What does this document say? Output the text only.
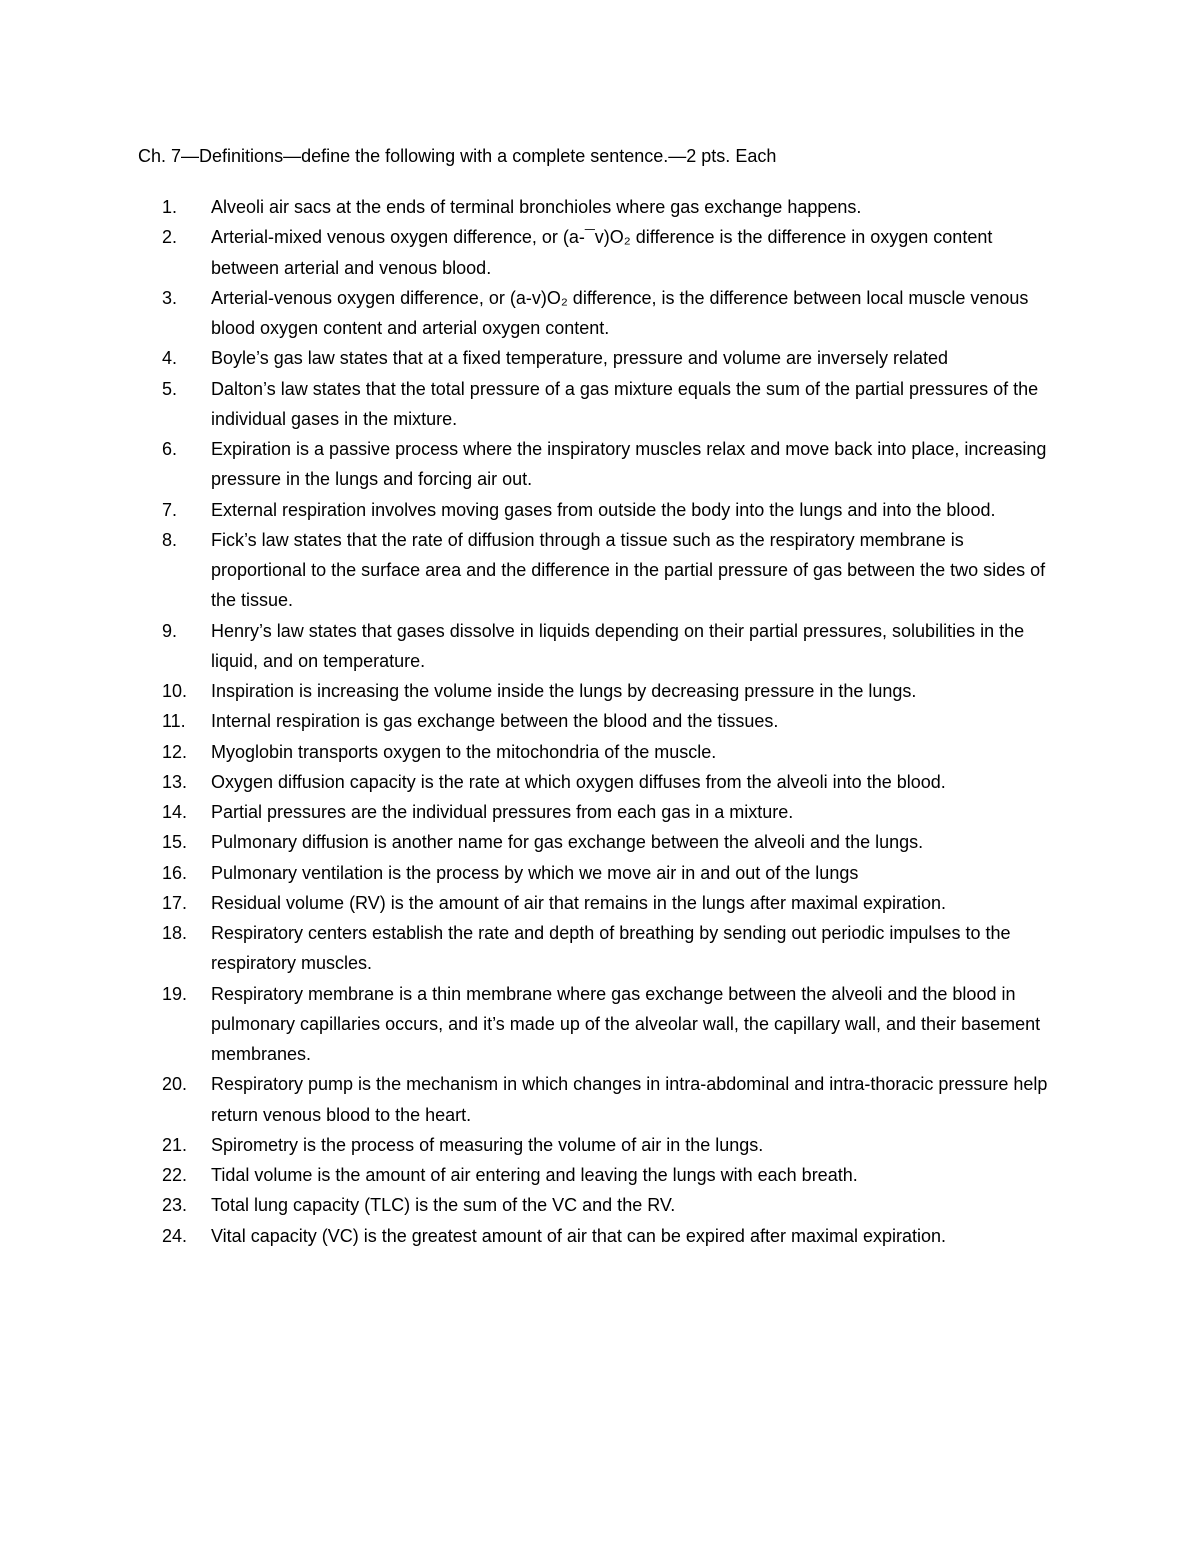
Ch. 7—Definitions—define the following with a complete sentence.—2 pts. Each
1.	Alveoli air sacs at the ends of terminal bronchioles where gas exchange happens.
2.	Arterial-mixed venous oxygen difference, or (a-¯v)O₂ difference is the difference in oxygen content between arterial and venous blood.
3.	Arterial-venous oxygen difference, or (a-v)O₂ difference, is the difference between local muscle venous blood oxygen content and arterial oxygen content.
4.	Boyle’s gas law states that at a fixed temperature, pressure and volume are inversely related
5.	Dalton’s law states that the total pressure of a gas mixture equals the sum of the partial pressures of the individual gases in the mixture.
6.	Expiration is a passive process where the inspiratory muscles relax and move back into place, increasing pressure in the lungs and forcing air out.
7.	External respiration involves moving gases from outside the body into the lungs and into the blood.
8.	Fick’s law states that the rate of diffusion through a tissue such as the respiratory membrane is proportional to the surface area and the difference in the partial pressure of gas between the two sides of the tissue.
9.	Henry’s law states that gases dissolve in liquids depending on their partial pressures, solubilities in the liquid, and on temperature.
10.	Inspiration is increasing the volume inside the lungs by decreasing pressure in the lungs.
11.	Internal respiration is gas exchange between the blood and the tissues.
12.	Myoglobin transports oxygen to the mitochondria of the muscle.
13.	Oxygen diffusion capacity is the rate at which oxygen diffuses from the alveoli into the blood.
14.	Partial pressures are the individual pressures from each gas in a mixture.
15.	Pulmonary diffusion is another name for gas exchange between the alveoli and the lungs.
16.	Pulmonary ventilation is the process by which we move air in and out of the lungs
17.	Residual volume (RV) is the amount of air that remains in the lungs after maximal expiration.
18.	Respiratory centers establish the rate and depth of breathing by sending out periodic impulses to the respiratory muscles.
19.	Respiratory membrane is a thin membrane where gas exchange between the alveoli and the blood in pulmonary capillaries occurs, and it’s made up of the alveolar wall, the capillary wall, and their basement membranes.
20.	Respiratory pump is the mechanism in which changes in intra-abdominal and intra-thoracic pressure help return venous blood to the heart.
21.	Spirometry is the process of measuring the volume of air in the lungs.
22.	Tidal volume is the amount of air entering and leaving the lungs with each breath.
23.	Total lung capacity (TLC) is the sum of the VC and the RV.
24.	Vital capacity (VC) is the greatest amount of air that can be expired after maximal expiration.
